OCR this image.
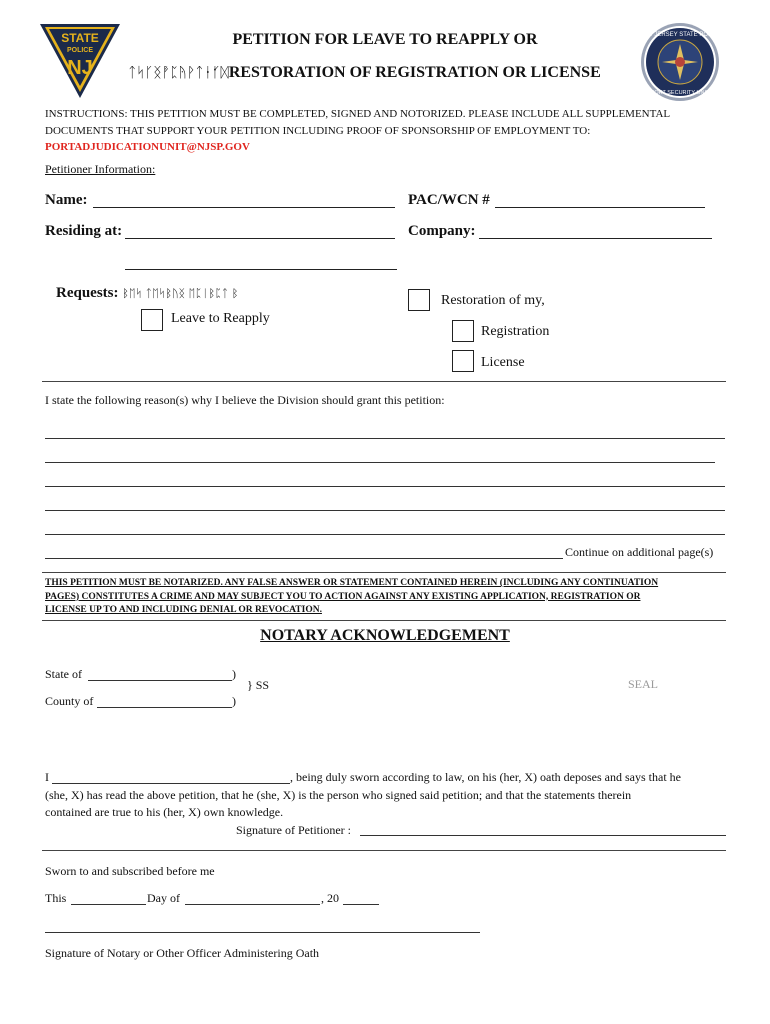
STATE
POLICE
NJ
NEW JERSEY STATE POLICE
PORT SECURITY UNIT
PETITION FOR LEAVE TO REAPPLY OR
ᛏᛋᚴᛝᚡᛈᚤᚹᛏᛂᚶᛞRESTORATION OF REGISTRATION OR LICENSE
INSTRUCTIONS: THIS PETITION MUST BE COMPLETED, SIGNED AND NOTORIZED. PLEASE INCLUDE ALL SUPPLEMENTAL
DOCUMENTS THAT SUPPORT YOUR PETITION INCLUDING PROOF OF SPONSORSHIP OF EMPLOYMENT TO:
PORTADJUDICATIONUNIT@NJSP.GOV
Petitioner Information:
Name:	PAC/WCN #
Residing at:	Company:
Requests: ᛒᛖᛋ ᛏᛖᛋᛒᚢᛝ ᛖᛈᛁᛒᛈᛏ ᛒ
Leave to Reapply
Restoration of my,
Registration
License
I state the following reason(s) why I believe the Division should grant this petition:
Continue on additional page(s)
THIS PETITION MUST BE NOTARIZED. ANY FALSE ANSWER OR STATEMENT CONTAINED HEREIN (INCLUDING ANY CONTINUATION
PAGES) CONSTITUTES A CRIME AND MAY SUBJECT YOU TO ACTION AGAINST ANY EXISTING APPLICATION, REGISTRATION OR
LICENSE UP TO AND INCLUDING DENIAL OR REVOCATION.
NOTARY ACKNOWLEDGEMENT
State of	)
} SS	SEAL
County of	)
I	, being duly sworn according to law, on his (her, X) oath deposes and says that he
(she, X) has read the above petition, that he (she, X) is the person who signed said petition; and that the statements therein
contained are true to his (her, X) own knowledge.
Signature of Petitioner :
Sworn to and subscribed before me
This	Day of	, 20
Signature of Notary or Other Officer Administering Oath
